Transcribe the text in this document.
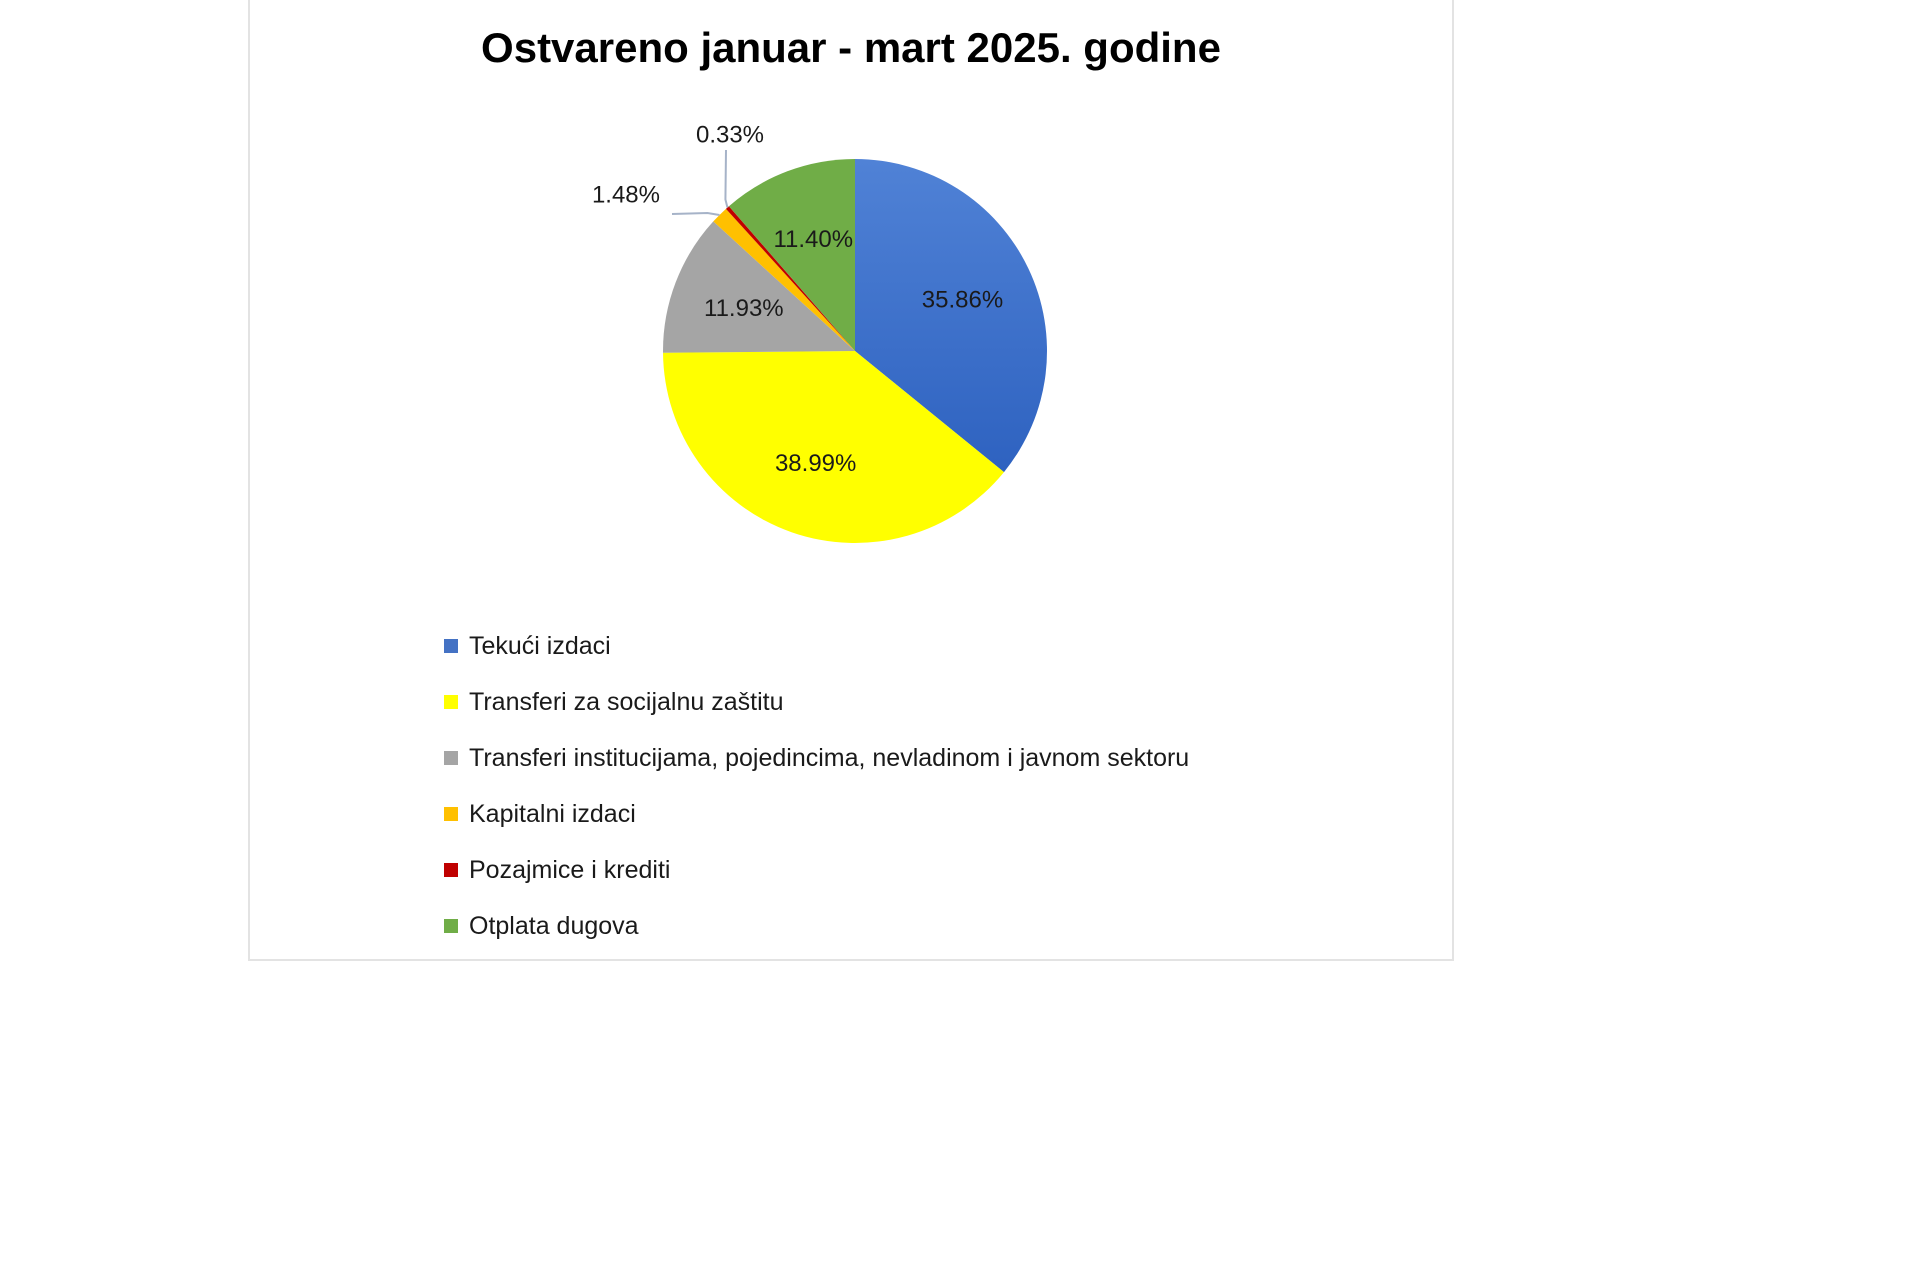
Ostvareno januar - mart 2025. godine
35.86%
38.99%
11.93%
11.40%
1.48%
0.33%
Tekući izdaci
Transferi za socijalnu zaštitu
Transferi institucijama, pojedincima, nevladinom i javnom sektoru
Kapitalni izdaci
Pozajmice i krediti
Otplata dugova
